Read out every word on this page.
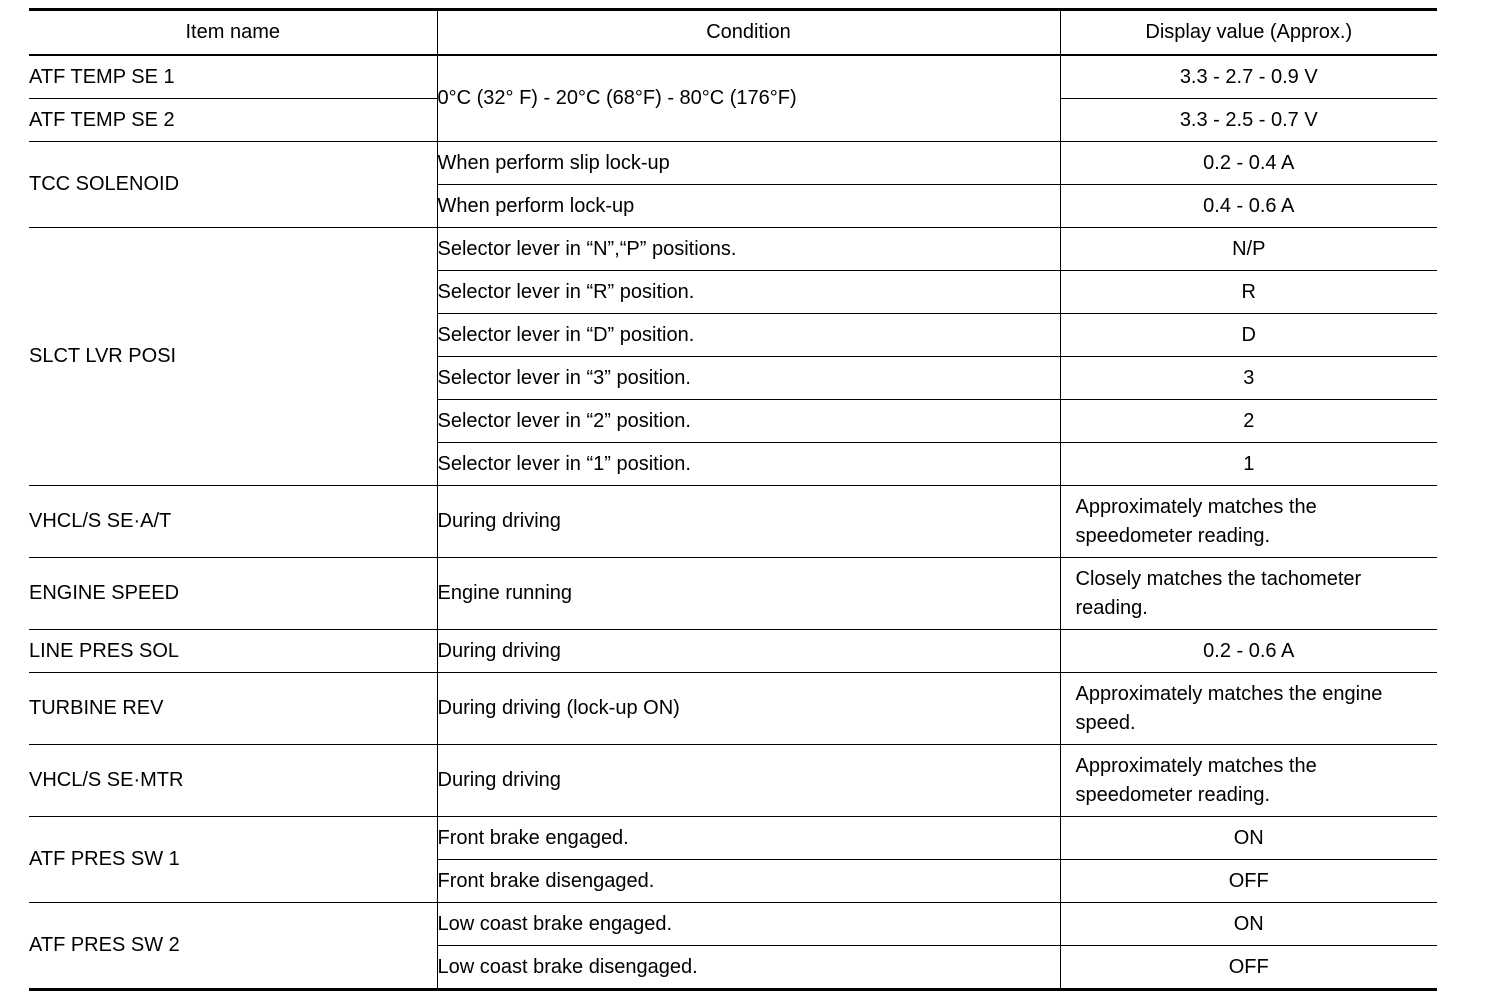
Item name	Condition	Display value (Approx.)
ATF TEMP SE 1	0°C (32° F) - 20°C (68°F) - 80°C (176°F)	3.3 - 2.7 - 0.9 V
ATF TEMP SE 2		3.3 - 2.5 - 0.7 V
TCC SOLENOID	When perform slip lock-up	0.2 - 0.4 A
	When perform lock-up	0.4 - 0.6 A
SLCT LVR POSI	Selector lever in “N”,“P” positions.	N/P
	Selector lever in “R” position.	R
	Selector lever in “D” position.	D
	Selector lever in “3” position.	3
	Selector lever in “2” position.	2
	Selector lever in “1” position.	1
VHCL/S SE·A/T	During driving	Approximately matches the speedometer reading.
ENGINE SPEED	Engine running	Closely matches the tachometer reading.
LINE PRES SOL	During driving	0.2 - 0.6 A
TURBINE REV	During driving (lock-up ON)	Approximately matches the engine speed.
VHCL/S SE·MTR	During driving	Approximately matches the speedometer reading.
ATF PRES SW 1	Front brake engaged.	ON
	Front brake disengaged.	OFF
ATF PRES SW 2	Low coast brake engaged.	ON
	Low coast brake disengaged.	OFF
